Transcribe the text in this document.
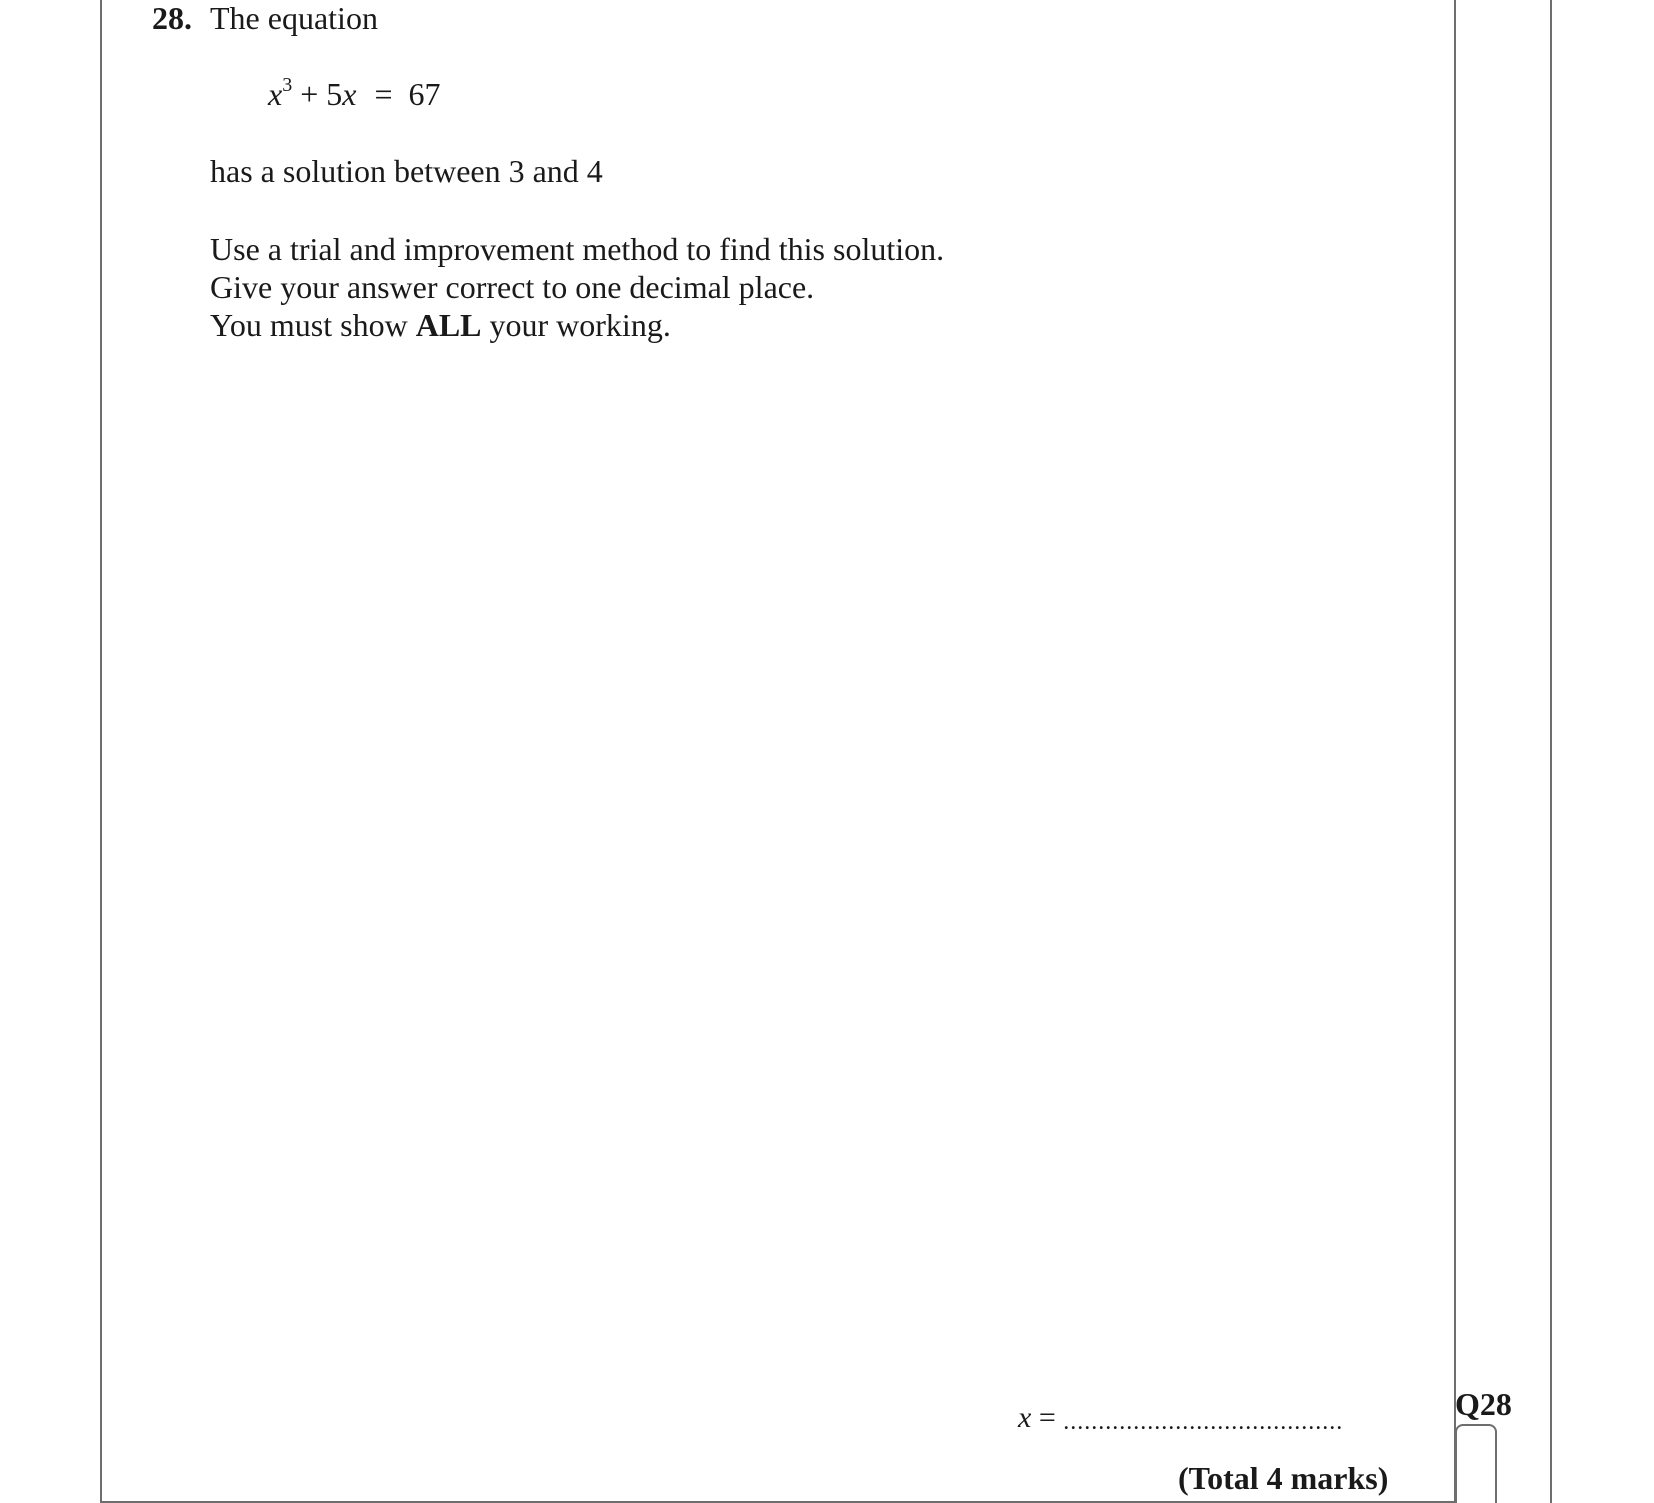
28. The equation
$x^3 + 5x = 67$
has a solution between 3 and 4
Use a trial and improvement method to find this solution.
Give your answer correct to one decimal place.
You must show ALL your working.
x = ........................................
(Total 4 marks)
Q28
